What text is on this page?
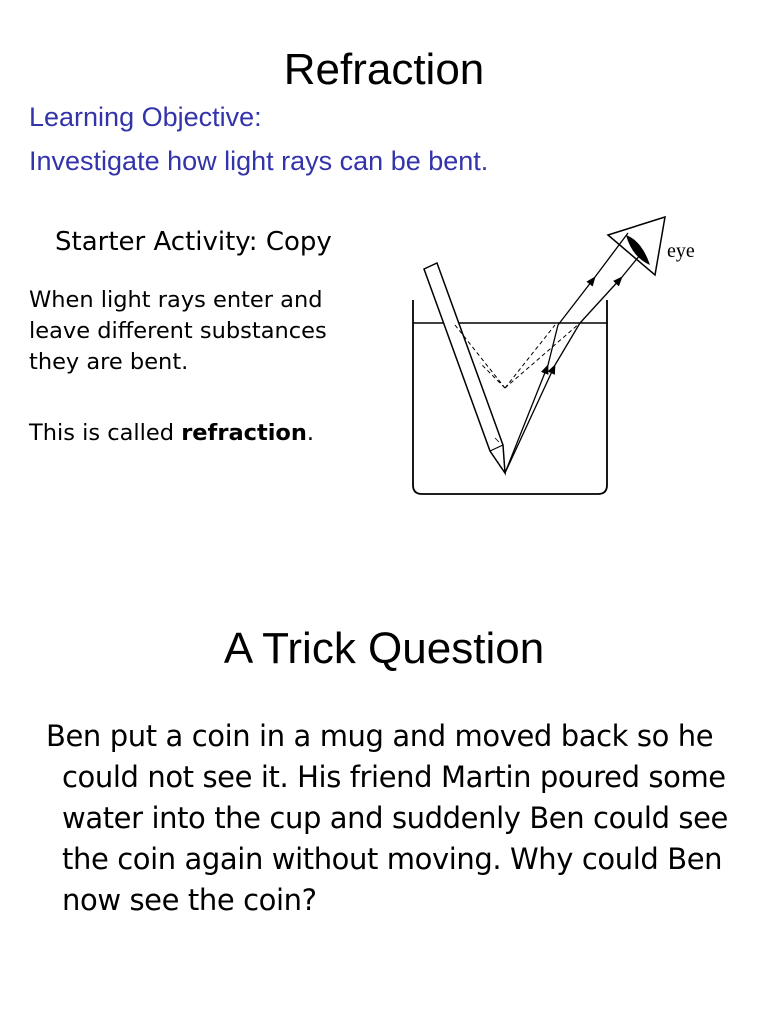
Refraction

Learning Objective:

Investigate how light rays can be bent.

Starter Activity: Copy

When light rays enter and leave different substances they are bent.

This is called refraction.

eye
A Trick Question

Ben put a coin in a mug and moved back so he could not see it. His friend Martin poured some water into the cup and suddenly Ben could see the coin again without moving. Why could Ben now see the coin?
